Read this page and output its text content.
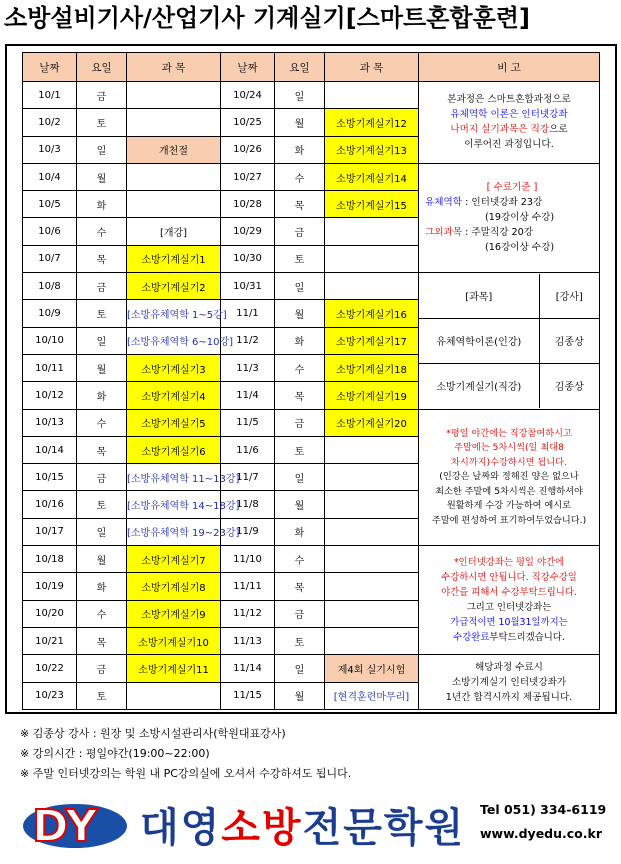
소방설비기사/산업기사 기계실기[스마트혼합훈련]
날짜	요일	과 목	날짜	요일	과 목	비 고
10/1	금		10/24	일		본과정은 스마트혼합과정으로
유체역학 이론은 인터넷강좌
나머지 실기과목은 직강으로
이루어진 과정입니다.

10/2	토		10/25	월	소방기계실기12
10/3	일	개천절	10/26	화	소방기계실기13
10/4	월		10/27	수	소방기계실기14	
[ 수료기준 ]
유체역학 : 인터넷강좌 23강
(19강이상 수강)
그외과목 : 주말직강 20강
(16강이상 수강)

10/5	화		10/28	목	소방기계실기15
10/6	수	[개강]	10/29	금	
10/7	목	소방기계실기1	10/30	토	
10/8	금	소방기계실기2	10/31	일		
[과목]	[강사]
유체역학이론(인강)	김종상
소방기계실기(직강)	김종상

10/9	토	[소방유체역학 1~5강]	11/1	월	소방기계실기16
10/10	일	[소방유체역학 6~10강]	11/2	화	소방기계실기17
10/11	월	소방기계실기3	11/3	수	소방기계실기18
10/12	화	소방기계실기4	11/4	목	소방기계실기19
10/13	수	소방기계실기5	11/5	금	소방기계실기20	
*평일 야간에는 직강참여하시고
주말에는 5차시씩(일 최대8
차시까지)수강하시면 됩니다.
(인강은 날짜와 정해진 양은 없으나
최소한 주말에 5차시씩은 진행하셔야
원활하게 수강 가능하여 예시로
주말에 편성하여 표기하여두었습니다.)

10/14	목	소방기계실기6	11/6	토	
10/15	금	[소방유체역학 11~13강]	11/7	일	
10/16	토	[소방유체역학 14~18강]	11/8	월	
10/17	일	[소방유체역학 19~23강]	11/9	화	
10/18	월	소방기계실기7	11/10	수		*인터넷강좌는 평일 야간에
수강하시면 안됩니다. 직강수강일
야간을 피해서 수강부탁드립니다.
그리고 인터넷강좌는
가급적이면 10월31일까지는
수강완료부탁드리겠습니다.

10/19	화	소방기계실기8	11/11	목	
10/20	수	소방기계실기9	11/12	금	
10/21	목	소방기계실기10	11/13	토	
10/22	금	소방기계실기11	11/14	일	제4회 실기시험	해당과정 수료시
소방기계실기 인터넷강좌가
1년간 합격시까지 제공됩니다.

10/23	토		11/15	월	[현격훈련마무리]
※ 김종상 강사 : 원장 및 소방시설관리사(학원대표강사)
※ 강의시간 : 평일야간(19:00~22:00)
※ 주말 인터넷강의는 학원 내 PC강의실에 오셔서 수강하셔도 됩니다.
DY 대영소방전문학원 Tel 051) 334-6119
www.dyedu.co.kr
